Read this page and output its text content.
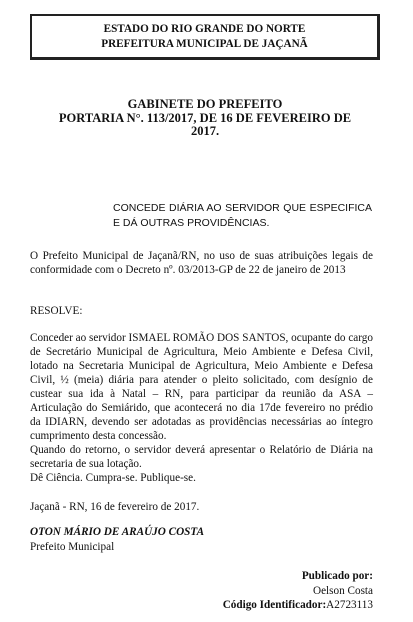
ESTADO DO RIO GRANDE DO NORTE
PREFEITURA MUNICIPAL DE JAÇANÃ
GABINETE DO PREFEITO
PORTARIA N°. 113/2017, DE 16 DE FEVEREIRO DE
2017.
CONCEDE DIÁRIA AO SERVIDOR QUE ESPECIFICA E DÁ OUTRAS PROVIDÊNCIAS.
O Prefeito Municipal de Jaçanã/RN, no uso de suas atribuições legais de conformidade com o Decreto nº. 03/2013-GP de 22 de janeiro de 2013
RESOLVE:
Conceder ao servidor ISMAEL ROMÃO DOS SANTOS, ocupante do cargo de Secretário Municipal de Agricultura, Meio Ambiente e Defesa Civil, lotado na Secretaria Municipal de Agricultura, Meio Ambiente e Defesa Civil, ½ (meia) diária para atender o pleito solicitado, com desígnio de custear sua ida à Natal – RN, para participar da reunião da ASA – Articulação do Semiárido, que acontecerá no dia 17de fevereiro no prédio da IDIARN, devendo ser adotadas as providências necessárias ao íntegro cumprimento desta concessão.
Quando do retorno, o servidor deverá apresentar o Relatório de Diária na secretaria de sua lotação.
Dê Ciência. Cumpra-se. Publique-se.
Jaçanã - RN, 16 de fevereiro de 2017.
OTON MÁRIO DE ARAÚJO COSTA
Prefeito Municipal
Publicado por:
Oelson Costa
Código Identificador:A2723113
